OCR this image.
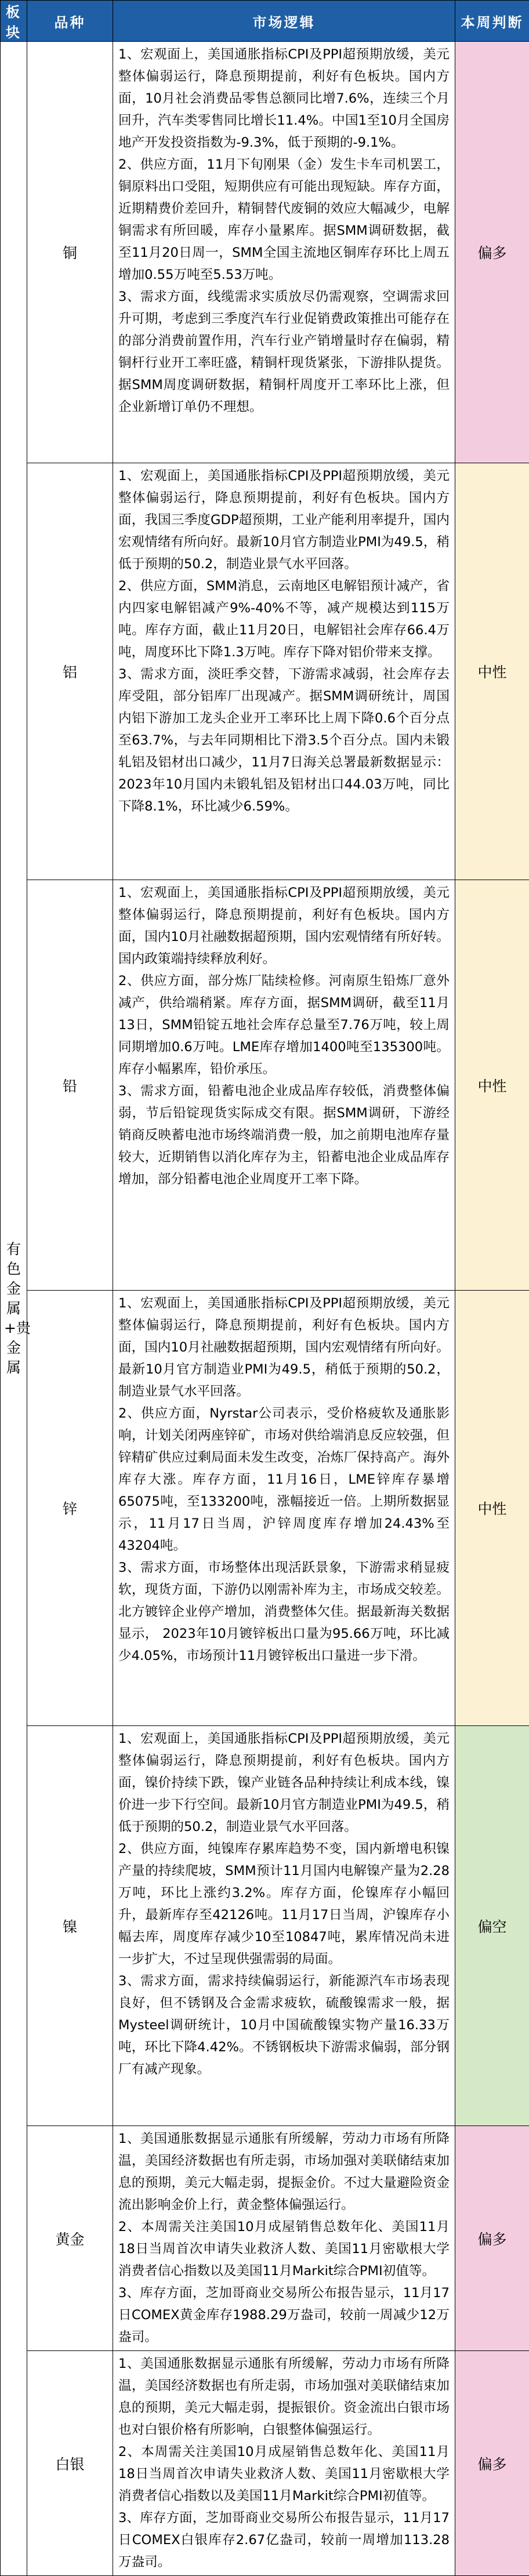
板块	品种	市场逻辑	本周判断
有色金属+贵金属	铜	1、宏观面上，美国通胀指标CPI及PPI超预期放缓，美元整体偏弱运行，降息预期提前，利好有色板块。国内方面，10月社会消费品零售总额同比增7.6%，连续三个月回升，汽车类零售同比增长11.4%。中国1至10月全国房地产开发投资指数为-9.3%，低于预期的-9.1%。

2、供应方面，11月下旬刚果（金）发生卡车司机罢工，铜原料出口受阻，短期供应有可能出现短缺。库存方面，近期精费价差回升，精铜替代废铜的效应大幅减少，电解铜需求有所回暖，库存小量累库。据SMM调研数据，截至11月20日周一，SMM全国主流地区铜库存环比上周五增加0.55万吨至5.53万吨。

3、需求方面，线缆需求实质放尽仍需观察，空调需求回升可期，考虑到三季度汽车行业促销费政策推出可能存在的部分消费前置作用，汽车行业产销增量时存在偏弱，精铜杆行业开工率旺盛，精铜杆现货紧张，下游排队提货。据SMM周度调研数据，精铜杆周度开工率环比上涨，但企业新增订单仍不理想。	偏多
	铝	1、宏观面上，美国通胀指标CPI及PPI超预期放缓，美元整体偏弱运行，降息预期提前，利好有色板块。国内方面，我国三季度GDP超预期，工业产能利用率提升，国内宏观情绪有所向好。最新10月官方制造业PMI为49.5，稍低于预期的50.2，制造业景气水平回落。

2、供应方面，SMM消息，云南地区电解铝预计减产，省内四家电解铝减产9%-40%不等，减产规模达到115万吨。库存方面，截止11月20日，电解铝社会库存66.4万吨，周度环比下降1.3万吨。库存下降对铝价带来支撑。

3、需求方面，淡旺季交替，下游需求减弱，社会库存去库受阻，部分铝库厂出现减产。据SMM调研统计，周国内铝下游加工龙头企业开工率环比上周下降0.6个百分点至63.7%，与去年同期相比下滑3.5个百分点。国内未锻轧铝及铝材出口减少，11月7日海关总署最新数据显示：2023年10月国内未锻轧铝及铝材出口44.03万吨，同比下降8.1%，环比减少6.59%。	中性
	铅	1、宏观面上，美国通胀指标CPI及PPI超预期放缓，美元整体偏弱运行，降息预期提前，利好有色板块。国内方面，国内10月社融数据超预期，国内宏观情绪有所好转。国内政策端持续释放利好。

2、供应方面，部分炼厂陆续检修。河南原生铅炼厂意外减产，供给端稍紧。库存方面，据SMM调研，截至11月13日，SMM铅锭五地社会库存总量至7.76万吨，较上周同期增加0.6万吨。LME库存增加1400吨至135300吨。库存小幅累库，铅价承压。

3、需求方面，铅蓄电池企业成品库存较低，消费整体偏弱，节后铅锭现货实际成交有限。据SMM调研，下游经销商反映蓄电池市场终端消费一般，加之前期电池库存量较大，近期销售以消化库存为主，铅蓄电池企业成品库存增加，部分铅蓄电池企业周度开工率下降。	中性
	锌	1、宏观面上，美国通胀指标CPI及PPI超预期放缓，美元整体偏弱运行，降息预期提前，利好有色板块。国内方面，国内10月社融数据超预期，国内宏观情绪有所向好。最新10月官方制造业PMI为49.5，稍低于预期的50.2，制造业景气水平回落。

2、供应方面，Nyrstar公司表示，受价格疲软及通胀影响，计划关闭两座锌矿，市场对供给端消息反应较强，但锌精矿供应过剩局面未发生改变，冶炼厂保持高产。海外库存大涨。库存方面，11月16日，LME锌库存暴增65075吨，至133200吨，涨幅接近一倍。上期所数据显示，11月17日当周，沪锌周度库存增加24.43%至43204吨。

3、需求方面，市场整体出现活跃景象，下游需求稍显疲软，现货方面，下游仍以刚需补库为主，市场成交较差。北方镀锌企业停产增加，消费整体欠佳。据最新海关数据显示， 2023年10月镀锌板出口量为95.66万吨，环比减少4.05%，市场预计11月镀锌板出口量进一步下滑。	中性
	镍	1、宏观面上，美国通胀指标CPI及PPI超预期放缓，美元整体偏弱运行，降息预期提前，利好有色板块。国内方面，镍价持续下跌，镍产业链各品种持续让利成本线，镍价进一步下行空间。最新10月官方制造业PMI为49.5，稍低于预期的50.2，制造业景气水平回落。

2、供应方面，纯镍库存累库趋势不变，国内新增电积镍产量的持续爬坡，SMM预计11月国内电解镍产量为2.28万吨，环比上涨约3.2%。库存方面，伦镍库存小幅回升，最新库存至42126吨。11月17日当周，沪镍库存小幅去库，周度库存减少10至10847吨，累库情况尚未进一步扩大，不过呈现供强需弱的局面。

3、需求方面，需求持续偏弱运行，新能源汽车市场表现良好，但不锈钢及合金需求疲软，硫酸镍需求一般，据Mysteel调研统计，10月中国硫酸镍实物产量16.33万吨，环比下降4.42%。不锈钢板块下游需求偏弱，部分钢厂有减产现象。	偏空
	黄金	1、美国通胀数据显示通胀有所缓解，劳动力市场有所降温，美国经济数据也有所走弱，市场加强对美联储结束加息的预期，美元大幅走弱，提振金价。不过大量避险资金流出影响金价上行，黄金整体偏强运行。

2、本周需关注美国10月成屋销售总数年化、美国11月18日当周首次申请失业救济人数、美国11月密歇根大学消费者信心指数以及美国11月Markit综合PMI初值等。

3、库存方面，芝加哥商业交易所公布报告显示，11月17日COMEX黄金库存1988.29万盎司，较前一周减少12万盎司。	偏多
	白银	1、美国通胀数据显示通胀有所缓解，劳动力市场有所降温，美国经济数据也有所走弱，市场加强对美联储结束加息的预期，美元大幅走弱，提振银价。资金流出白银市场也对白银价格有所影响，白银整体偏强运行。

2、本周需关注美国10月成屋销售总数年化、美国11月18日当周首次申请失业救济人数、美国11月密歇根大学消费者信心指数以及美国11月Markit综合PMI初值等。

3、库存方面，芝加哥商业交易所公布报告显示，11月17日COMEX白银库存2.67亿盎司，较前一周增加113.28万盎司。	偏多
